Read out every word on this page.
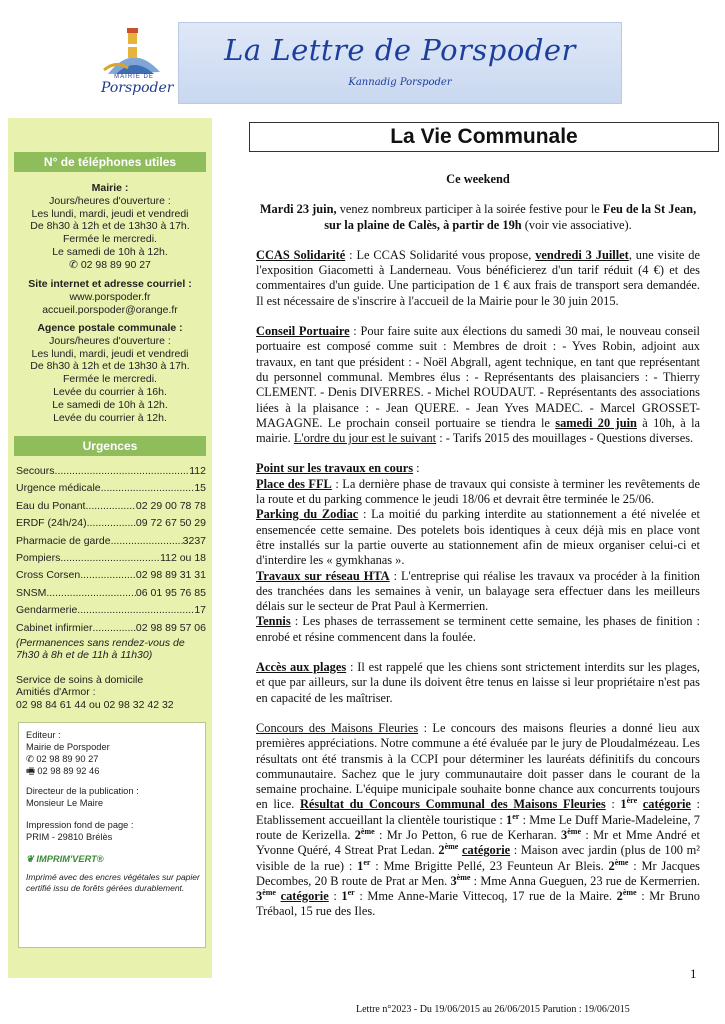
MAIRIE DE
Porspoder
La Lettre de Porspoder
Kannadig Porspoder
N° de téléphones utiles
Mairie :
Jours/heures d'ouverture :
Les lundi, mardi, jeudi et vendredi
De 8h30 à 12h et de 13h30 à 17h.
Fermée le mercredi.
Le samedi de 10h à 12h.
✆ 02 98 89 90 27
Site internet et adresse courriel :
www.porspoder.fr
accueil.porspoder@orange.fr
Agence postale communale :
Jours/heures d'ouverture :
Les lundi, mardi, jeudi et vendredi
De 8h30 à 12h et de 13h30 à 17h.
Fermée le mercredi.
Levée du courrier à 16h.
Le samedi de 10h à 12h.
Levée du courrier à 12h.
Urgences
Secours .....	112
Urgence médicale .....	15
Eau du Ponant .....	02 29 00 78 78
ERDF (24h/24) .....	09 72 67 50 29
Pharmacie de garde .....	3237
Pompiers .....	112 ou 18
Cross Corsen .....	02 98 89 31 31
SNSM .....	06 01 95 76 85
Gendarmerie .....	17
Cabinet infirmier .....	02 98 89 57 06
(Permanences sans rendez-vous de 7h30 à 8h et de 11h à 11h30)
Service de soins à domicile
Amitiés d'Armor :
02 98 84 61 44 ou 02 98 32 42 32
Editeur :
Mairie de Porspoder
✆ 02 98 89 90 27
🖷 02 98 89 92 46
Directeur de la publication :
Monsieur Le Maire
Impression fond de page :
PRIM - 29810 Brélès
❦ IMPRIM'VERT®
Imprimé avec des encres végétales sur papier certifié issu de forêts gérées durablement.
La Vie Communale

Ce weekend

Mardi 23 juin, venez nombreux participer à la soirée festive pour le Feu de la St Jean, sur la plaine de Calès, à partir de 19h (voir vie associative).

CCAS Solidarité : Le CCAS Solidarité vous propose, vendredi 3 Juillet, une visite de l'exposition Giacometti à Landerneau. Vous bénéficierez d'un tarif réduit (4 €) et des commentaires d'un guide. Une participation de 1 € aux frais de transport sera demandée. Il est nécessaire de s'inscrire à l'accueil de la Mairie pour le 30 juin 2015.

Conseil Portuaire : Pour faire suite aux élections du samedi 30 mai, le nouveau conseil portuaire est composé comme suit : Membres de droit : - Yves Robin, adjoint aux travaux, en tant que président : - Noël Abgrall, agent technique, en tant que représentant du personnel communal. Membres élus : - Représentants des plaisanciers : - Thierry CLEMENT. - Denis DIVERRES. - Michel ROUDAUT. - Représentants des associations liées à la plaisance : - Jean QUERE. - Jean Yves MADEC. - Marcel GROSSET-MAGAGNE. Le prochain conseil portuaire se tiendra le samedi 20 juin à 10h, à la mairie. L'ordre du jour est le suivant : - Tarifs 2015 des mouillages - Questions diverses.

Point sur les travaux en cours :
Place des FFL : La dernière phase de travaux qui consiste à terminer les revêtements de la route et du parking commence le jeudi 18/06 et devrait être terminée le 25/06.
Parking du Zodiac : La moitié du parking interdite au stationnement a été nivelée et ensemencée cette semaine. Des potelets bois identiques à ceux déjà mis en place vont être installés sur la partie ouverte au stationnement afin de mieux organiser celui-ci et d'interdire les « gymkhanas ».
Travaux sur réseau HTA : L'entreprise qui réalise les travaux va procéder à la finition des tranchées dans les semaines à venir, un balayage sera effectuer dans les meilleurs délais sur le secteur de Prat Paul à Kermerrien.
Tennis : Les phases de terrassement se terminent cette semaine, les phases de finition : enrobé et résine commencent dans la foulée.

Accès aux plages : Il est rappelé que les chiens sont strictement interdits sur les plages, et que par ailleurs, sur la dune ils doivent être tenus en laisse si leur propriétaire n'est pas en capacité de les maîtriser.

Concours des Maisons Fleuries : Le concours des maisons fleuries a donné lieu aux premières appréciations. Notre commune a été évaluée par le jury de Ploudalmézeau. Les résultats ont été transmis à la CCPI pour déterminer les lauréats définitifs du concours communautaire. Sachez que le jury communautaire doit passer dans le courant de la semaine prochaine. L'équipe municipale souhaite bonne chance aux concurrents toujours en lice. Résultat du Concours Communal des Maisons Fleuries : 1ère catégorie : Etablissement accueillant la clientèle touristique : 1er : Mme Le Duff Marie-Madeleine, 7 route de Kerizella. 2ème : Mr Jo Petton, 6 rue de Kerharan. 3ème : Mr et Mme André et Yvonne Quéré, 4 Streat Prat Ledan. 2ème catégorie : Maison avec jardin (plus de 100 m² visible de la rue) : 1er : Mme Brigitte Pellé, 23 Feunteun Ar Bleis. 2ème : Mr Jacques Decombes, 20 B route de Prat ar Men. 3ème : Mme Anna Gueguen, 23 rue de Kermerrien. 3ème catégorie : 1er : Mme Anne-Marie Vittecoq, 17 rue de la Maire. 2ème : Mr Bruno Trébaol, 15 rue des Iles.

1
Lettre n°2023 - Du 19/06/2015 au 26/06/2015 Parution : 19/06/2015
